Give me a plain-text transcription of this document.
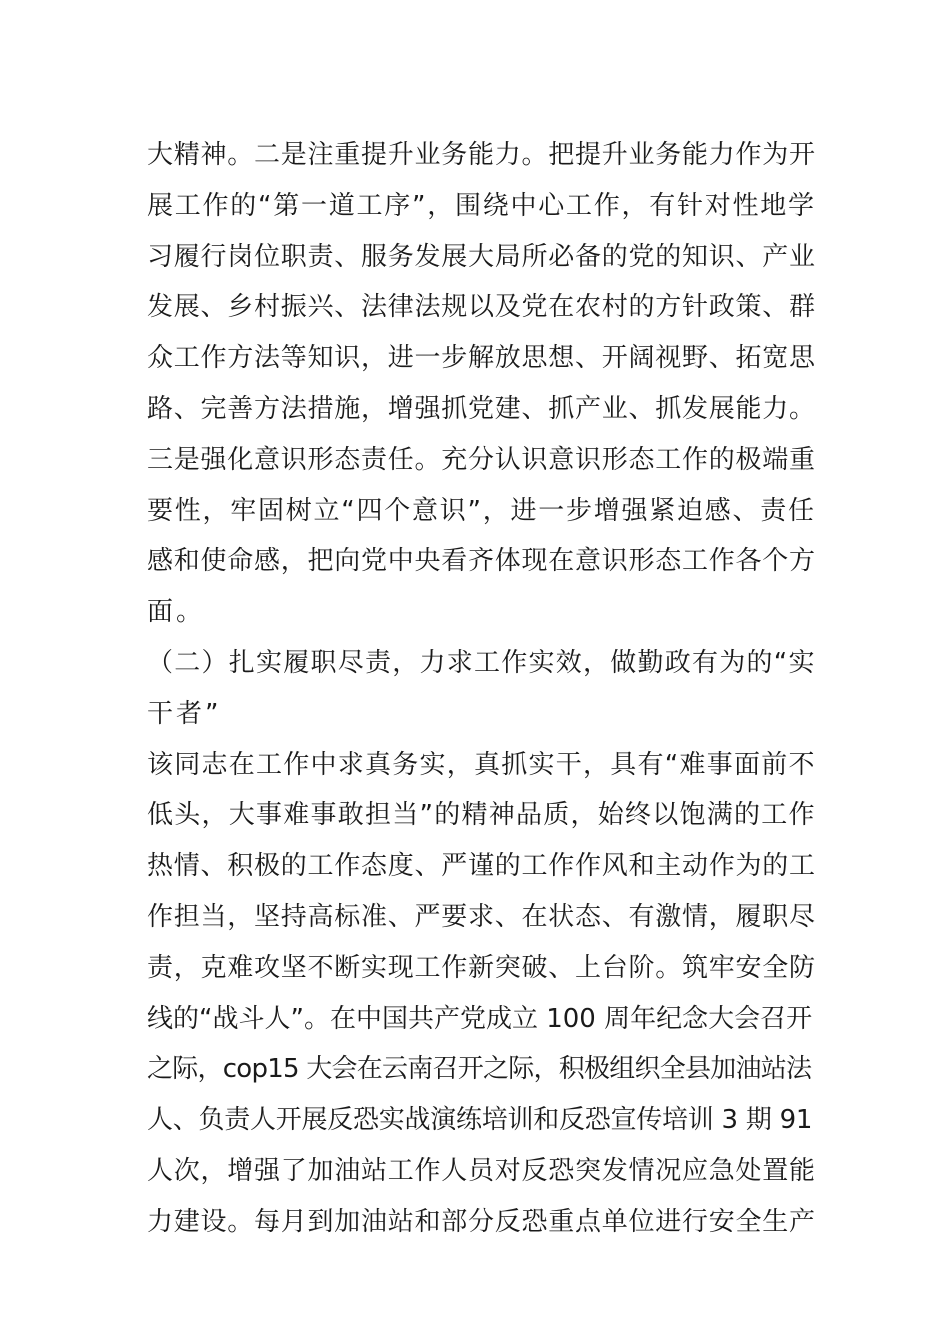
大精神。二是注重提升业务能力。把提升业务能力作为开
展工作的“第一道工序”，围绕中心工作，有针对性地学
习履行岗位职责、服务发展大局所必备的党的知识、产业
发展、乡村振兴、法律法规以及党在农村的方针政策、群
众工作方法等知识，进一步解放思想、开阔视野、拓宽思
路、完善方法措施，增强抓党建、抓产业、抓发展能力。
三是强化意识形态责任。充分认识意识形态工作的极端重
要性，牢固树立“四个意识”，进一步增强紧迫感、责任
感和使命感，把向党中央看齐体现在意识形态工作各个方
面。
（二）扎实履职尽责，力求工作实效，做勤政有为的“实
干者”
该同志在工作中求真务实，真抓实干，具有“难事面前不
低头，大事难事敢担当”的精神品质，始终以饱满的工作
热情、积极的工作态度、严谨的工作作风和主动作为的工
作担当，坚持高标准、严要求、在状态、有激情，履职尽
责，克难攻坚不断实现工作新突破、上台阶。筑牢安全防
线的“战斗人”。在中国共产党成立 100 周年纪念大会召开
之际，cop15 大会在云南召开之际，积极组织全县加油站法
人、负责人开展反恐实战演练培训和反恐宣传培训 3 期 91
人次，增强了加油站工作人员对反恐突发情况应急处置能
力建设。每月到加油站和部分反恐重点单位进行安全生产
